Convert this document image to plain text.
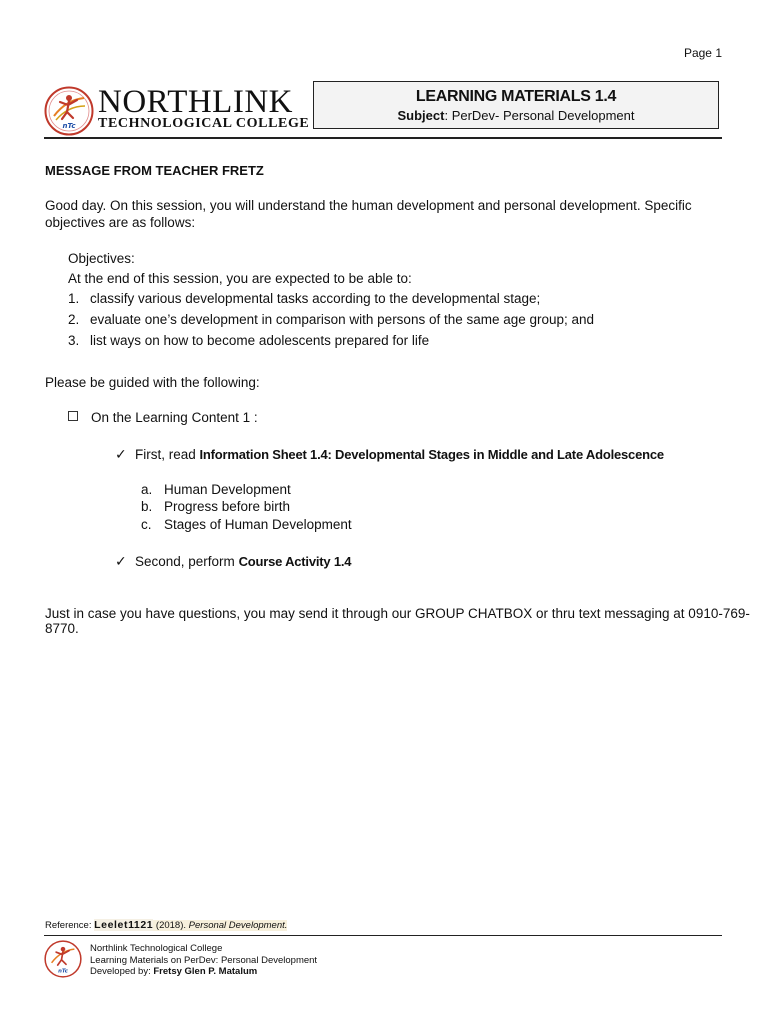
Page 1
nTc
NORTHLINK
TECHNOLOGICAL COLLEGE
LEARNING MATERIALS 1.4
Subject: PerDev- Personal Development
MESSAGE FROM TEACHER FRETZ
Good day. On this session, you will understand the human development and personal development. Specific objectives are as follows:
Objectives:
At the end of this session, you are expected to be able to:
1. classify various developmental tasks according to the developmental stage;
2. evaluate one’s development in comparison with persons of the same age group; and
3. list ways on how to become adolescents prepared for life
Please be guided with the following:
On the Learning Content 1 :
✓ First, read Information Sheet 1.4: Developmental Stages in Middle and Late Adolescence
a. Human Development
b. Progress before birth
c. Stages of Human Development
✓ Second, perform Course Activity 1.4
Just in case you have questions, you may send it through our GROUP CHATBOX or thru text messaging at 0910-769-8770.
Reference: Leelet1121 (2018). Personal Development.
nTc
Northlink Technological College
Learning Materials on PerDev: Personal Development
Developed by: Fretsy Glen P. Matalum
